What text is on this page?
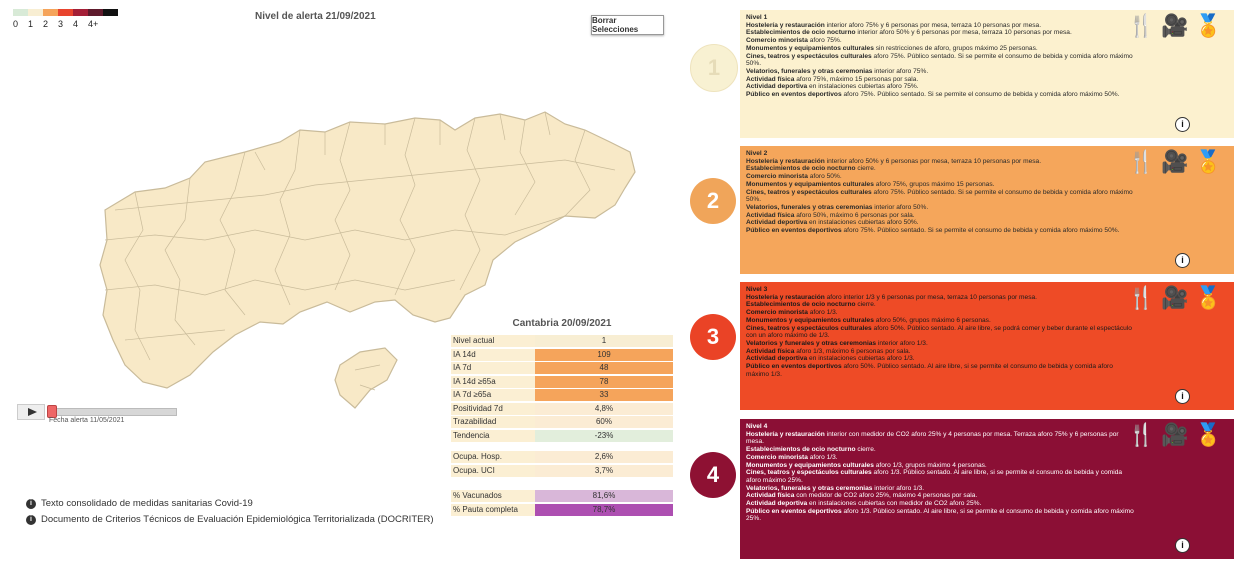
0	1	2	3	4	4+
Nivel de alerta 21/09/2021	Borrar Selecciones
Fecha alerta 11/05/2021
i Texto consolidado de medidas sanitarias Covid-19
i Documento de Criterios Técnicos de Evaluación Epidemiológica Territorializada (DOCRITER)
Cantabria 20/09/2021
Nivel actual	1
IA 14d	109
IA 7d	48
IA 14d ≥65a	78
IA 7d ≥65a	33
Positividad 7d	4,8%
Trazabilidad	60%
Tendencia	-23%
Ocupa. Hosp.	2,6%
Ocupa. UCI	3,7%
% Vacunados	81,6%
% Pauta completa	78,7%
1
Nivel 1
Hostelería y restauración interior aforo 75% y 6 personas por mesa, terraza 10 personas por mesa.
Establecimientos de ocio nocturno interior aforo 50% y 6 personas por mesa, terraza 10 personas por mesa.
Comercio minorista aforo 75%.
Monumentos y equipamientos culturales sin restricciones de aforo, grupos máximo 25 personas.
Cines, teatros y espectáculos culturales aforo 75%. Público sentado. Si se permite el consumo de bebida y comida aforo máximo 50%.
Velatorios, funerales y otras ceremonias interior aforo 75%.
Actividad física aforo 75%, máximo 15 personas por sala.
Actividad deportiva en instalaciones cubiertas aforo 75%.
Público en eventos deportivos aforo 75%. Público sentado. Si se permite el consumo de bebida y comida aforo máximo 50%.
🍴 🎥 🏅
i
2
Nivel 2
Hostelería y restauración interior aforo 50% y 6 personas por mesa, terraza 10 personas por mesa.
Establecimientos de ocio nocturno cierre.
Comercio minorista aforo 50%.
Monumentos y equipamientos culturales aforo 75%, grupos máximo 15 personas.
Cines, teatros y espectáculos culturales aforo 75%. Público sentado. Si se permite el consumo de bebida y comida aforo máximo 50%.
Velatorios, funerales y otras ceremonias interior aforo 50%.
Actividad física aforo 50%, máximo 6 personas por sala.
Actividad deportiva en instalaciones cubiertas aforo 50%.
Público en eventos deportivos aforo 75%. Público sentado. Si se permite el consumo de bebida y comida aforo máximo 50%.
🍴 🎥 🏅
i
3
Nivel 3
Hostelería y restauración aforo interior 1/3 y 6 personas por mesa, terraza 10 personas por mesa.
Establecimientos de ocio nocturno cierre.
Comercio minorista aforo 1/3.
Monumentos y equipamientos culturales aforo 50%, grupos máximo 6 personas.
Cines, teatros y espectáculos culturales aforo 50%. Público sentado. Al aire libre, se podrá comer y beber durante el espectáculo con un aforo máximo de 1/3.
Velatorios y funerales y otras ceremonias interior aforo 1/3.
Actividad física aforo 1/3, máximo 6 personas por sala.
Actividad deportiva en instalaciones cubiertas aforo 1/3.
Público en eventos deportivos aforo 50%. Público sentado. Al aire libre, si se permite el consumo de bebida y comida aforo máximo 1/3.
🍴 🎥 🏅
i
4
Nivel 4
Hostelería y restauración interior con medidor de CO2 aforo 25% y 4 personas por mesa. Terraza aforo 75% y 6 personas por mesa.
Establecimientos de ocio nocturno cierre.
Comercio minorista aforo 1/3.
Monumentos y equipamientos culturales aforo 1/3, grupos máximo 4 personas.
Cines, teatros y espectáculos culturales aforo 1/3. Público sentado. Al aire libre, si se permite el consumo de bebida y comida aforo máximo 25%.
Velatorios, funerales y otras ceremonias interior aforo 1/3.
Actividad física con medidor de CO2 aforo 25%, máximo 4 personas por sala.
Actividad deportiva en instalaciones cubiertas con medidor de CO2 aforo 25%.
Público en eventos deportivos aforo 1/3. Público sentado. Al aire libre, si se permite el consumo de bebida y comida aforo máximo 25%.
🍴 🎥 🏅
i
